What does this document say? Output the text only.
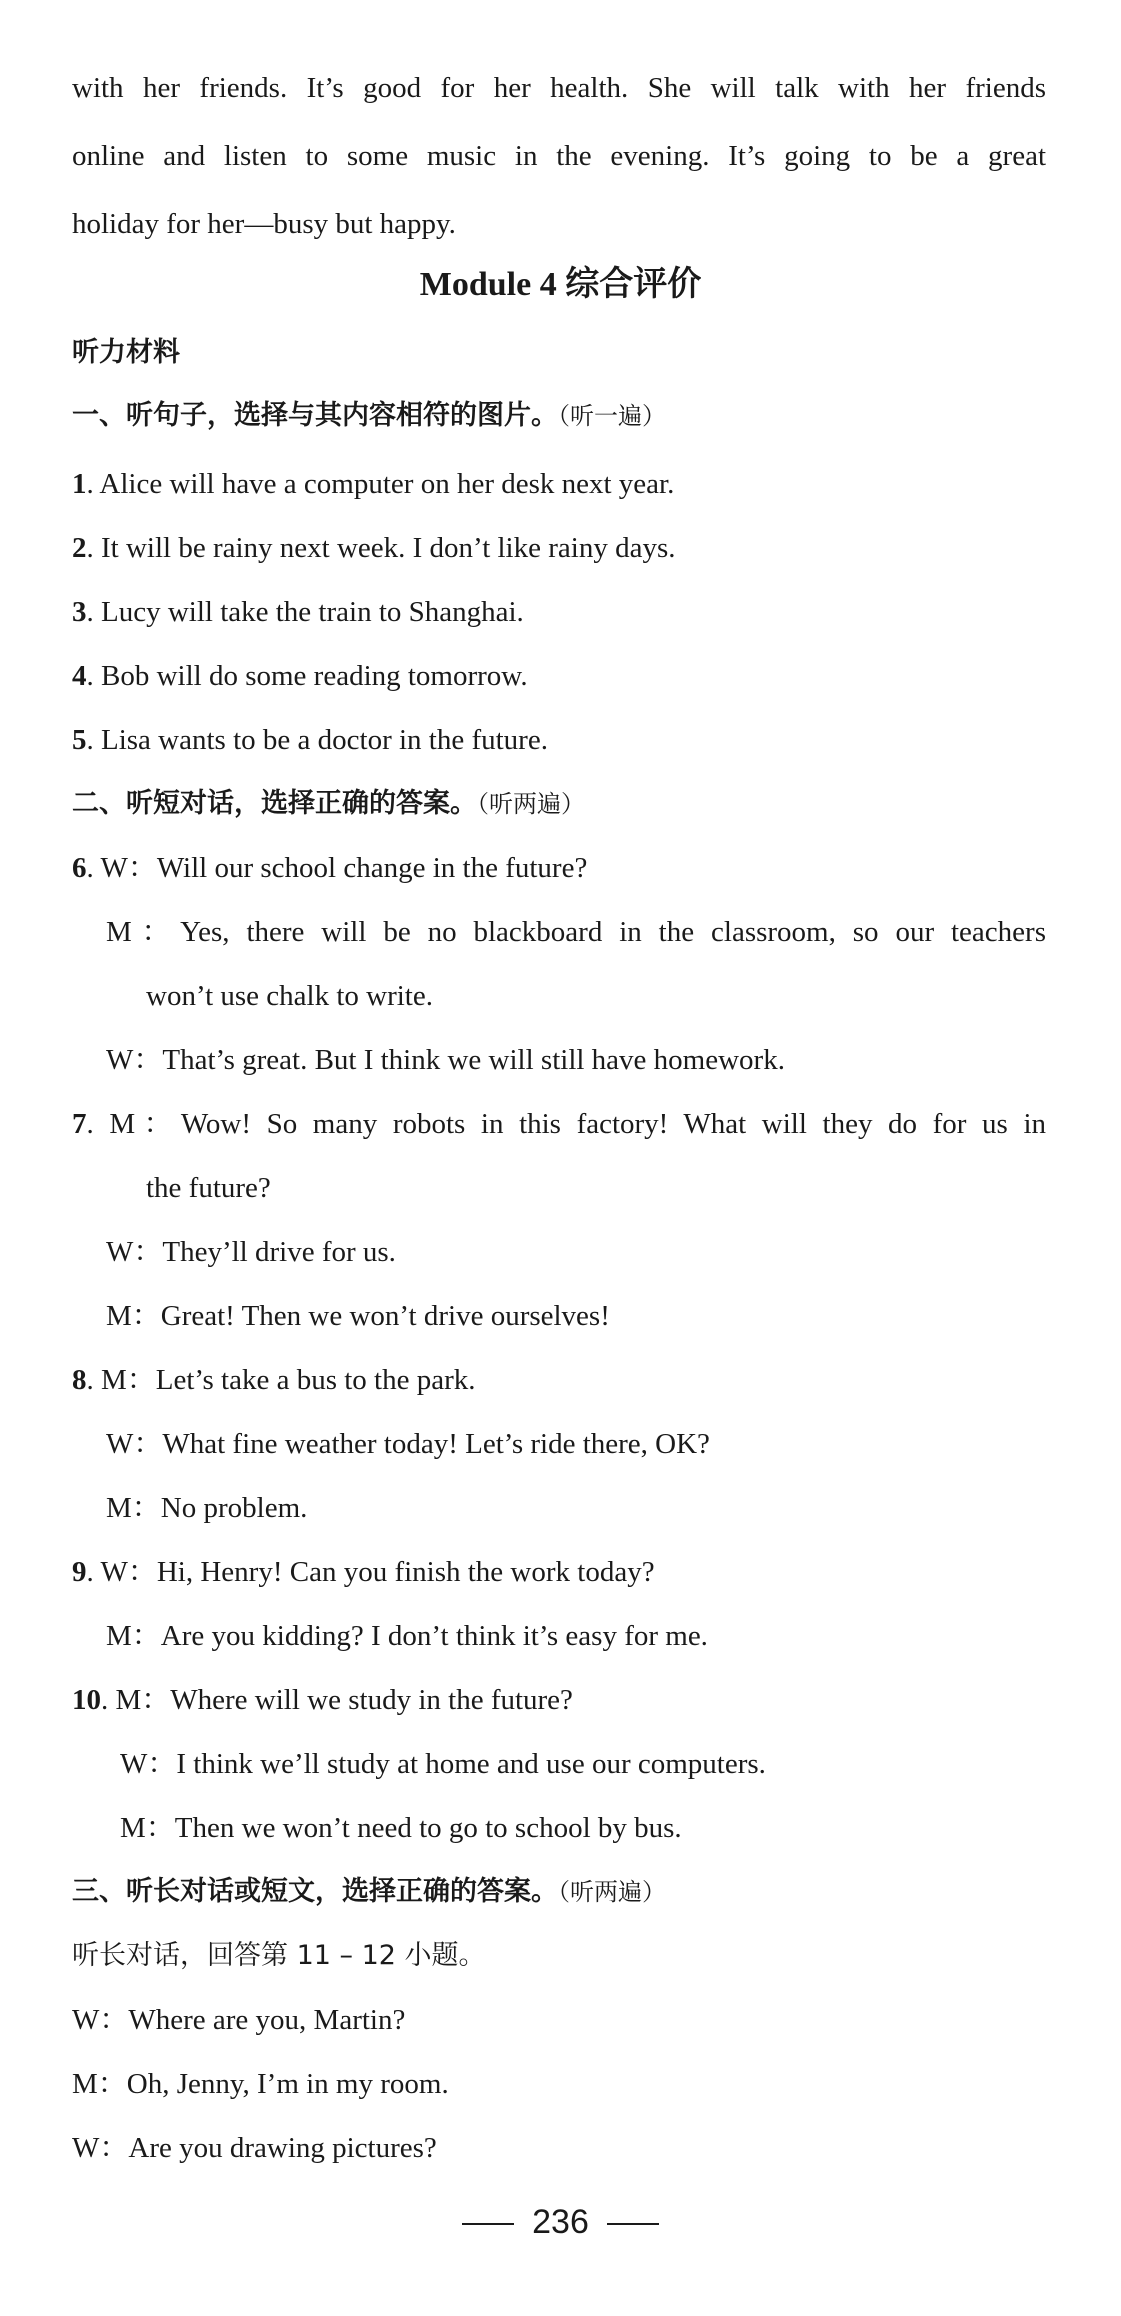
with her friends. It’s good for her health. She will talk with her friends
online and listen to some music in the evening. It’s going to be a great
holiday for her—busy but happy.
Module 4 综合评价
听力材料
一、听句子，选择与其内容相符的图片。（听一遍）
1. Alice will have a computer on her desk next year.
2. It will be rainy next week. I don’t like rainy days.
3. Lucy will take the train to Shanghai.
4. Bob will do some reading tomorrow.
5. Lisa wants to be a doctor in the future.
二、听短对话，选择正确的答案。（听两遍）
6. W：Will our school change in the future?
M：Yes, there will be no blackboard in the classroom, so our teachers
won’t use chalk to write.
W：That’s great. But I think we will still have homework.
7. M：Wow! So many robots in this factory! What will they do for us in
the future?
W：They’ll drive for us.
M：Great! Then we won’t drive ourselves!
8. M：Let’s take a bus to the park.
W：What fine weather today! Let’s ride there, OK?
M：No problem.
9. W：Hi, Henry! Can you finish the work today?
M：Are you kidding? I don’t think it’s easy for me.
10. M：Where will we study in the future?
W：I think we’ll study at home and use our computers.
M：Then we won’t need to go to school by bus.
三、听长对话或短文，选择正确的答案。（听两遍）
听长对话，回答第 11 – 12 小题。
W：Where are you, Martin?
M：Oh, Jenny, I’m in my room.
W：Are you drawing pictures?
236
